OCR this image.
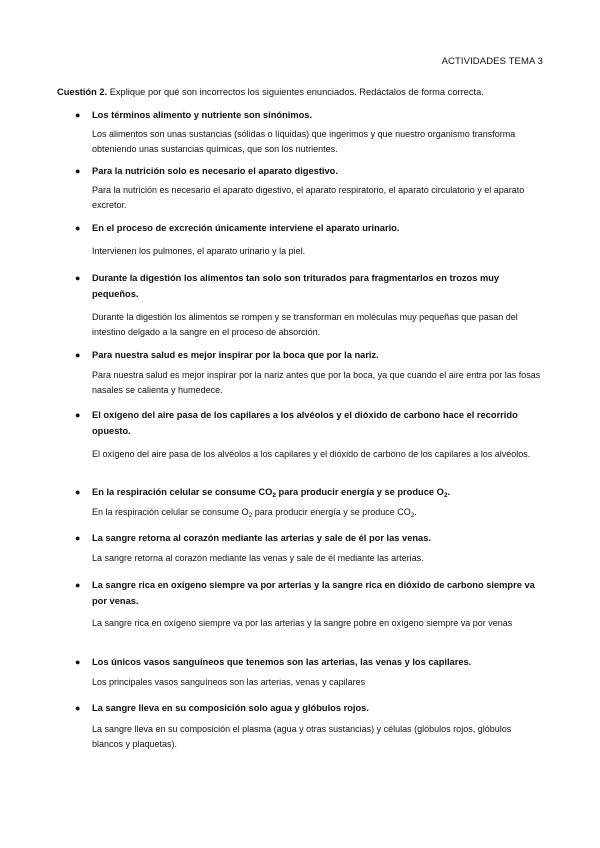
ACTIVIDADES TEMA 3
Cuestión 2. Explique por qué son incorrectos los siguientes enunciados. Redáctalos de forma correcta.
● Los términos alimento y nutriente son sinónimos.
Los alimentos son unas sustancias (sólidas o líquidas) que ingerimos y que nuestro organismo transforma obteniendo unas sustancias químicas, que son los nutrientes.
● Para la nutrición solo es necesario el aparato digestivo.
Para la nutrición es necesario el aparato digestivo, el aparato respiratorio, el aparato circulatorio y el aparato excretor.
● En el proceso de excreción únicamente interviene el aparato urinario.
Intervienen los pulmones, el aparato urinario y la piel.
● Durante la digestión los alimentos tan solo son triturados para fragmentarlos en trozos muy pequeños.
Durante la digestión los alimentos se rompen y se transforman en moléculas muy pequeñas que pasan del intestino delgado a la sangre en el proceso de absorción.
● Para nuestra salud es mejor inspirar por la boca que por la nariz.
Para nuestra salud es mejor inspirar por la nariz antes que por la boca, ya que cuando el aire entra por las fosas nasales se calienta y humedece.
● El oxígeno del aire pasa de los capilares a los alvéolos y el dióxido de carbono hace el recorrido opuesto.
El oxígeno del aire pasa de los alvéolos a los capilares y el dióxido de carbono de los capilares a los alvéolos.
● En la respiración celular se consume $CO_2$ para producir energía y se produce $O_2$.
En la respiración celular se consume $O_2$ para producir energía y se produce $CO_2$.
● La sangre retorna al corazón mediante las arterias y sale de él por las venas.
La sangre retorna al corazón mediante las venas y sale de él mediante las arterias.
● La sangre rica en oxígeno siempre va por arterias y la sangre rica en dióxido de carbono siempre va por venas.
La sangre rica en oxígeno siempre va por las arterias y la sangre pobre en oxígeno siempre va por venas
● Los únicos vasos sanguíneos que tenemos son las arterias, las venas y los capilares.
Los principales vasos sanguíneos son las arterias, venas y capilares
● La sangre lleva en su composición solo agua y glóbulos rojos.
La sangre lleva en su composición el plasma (agua y otras sustancias) y células (glóbulos rojos, glóbulos blancos y plaquetas).
